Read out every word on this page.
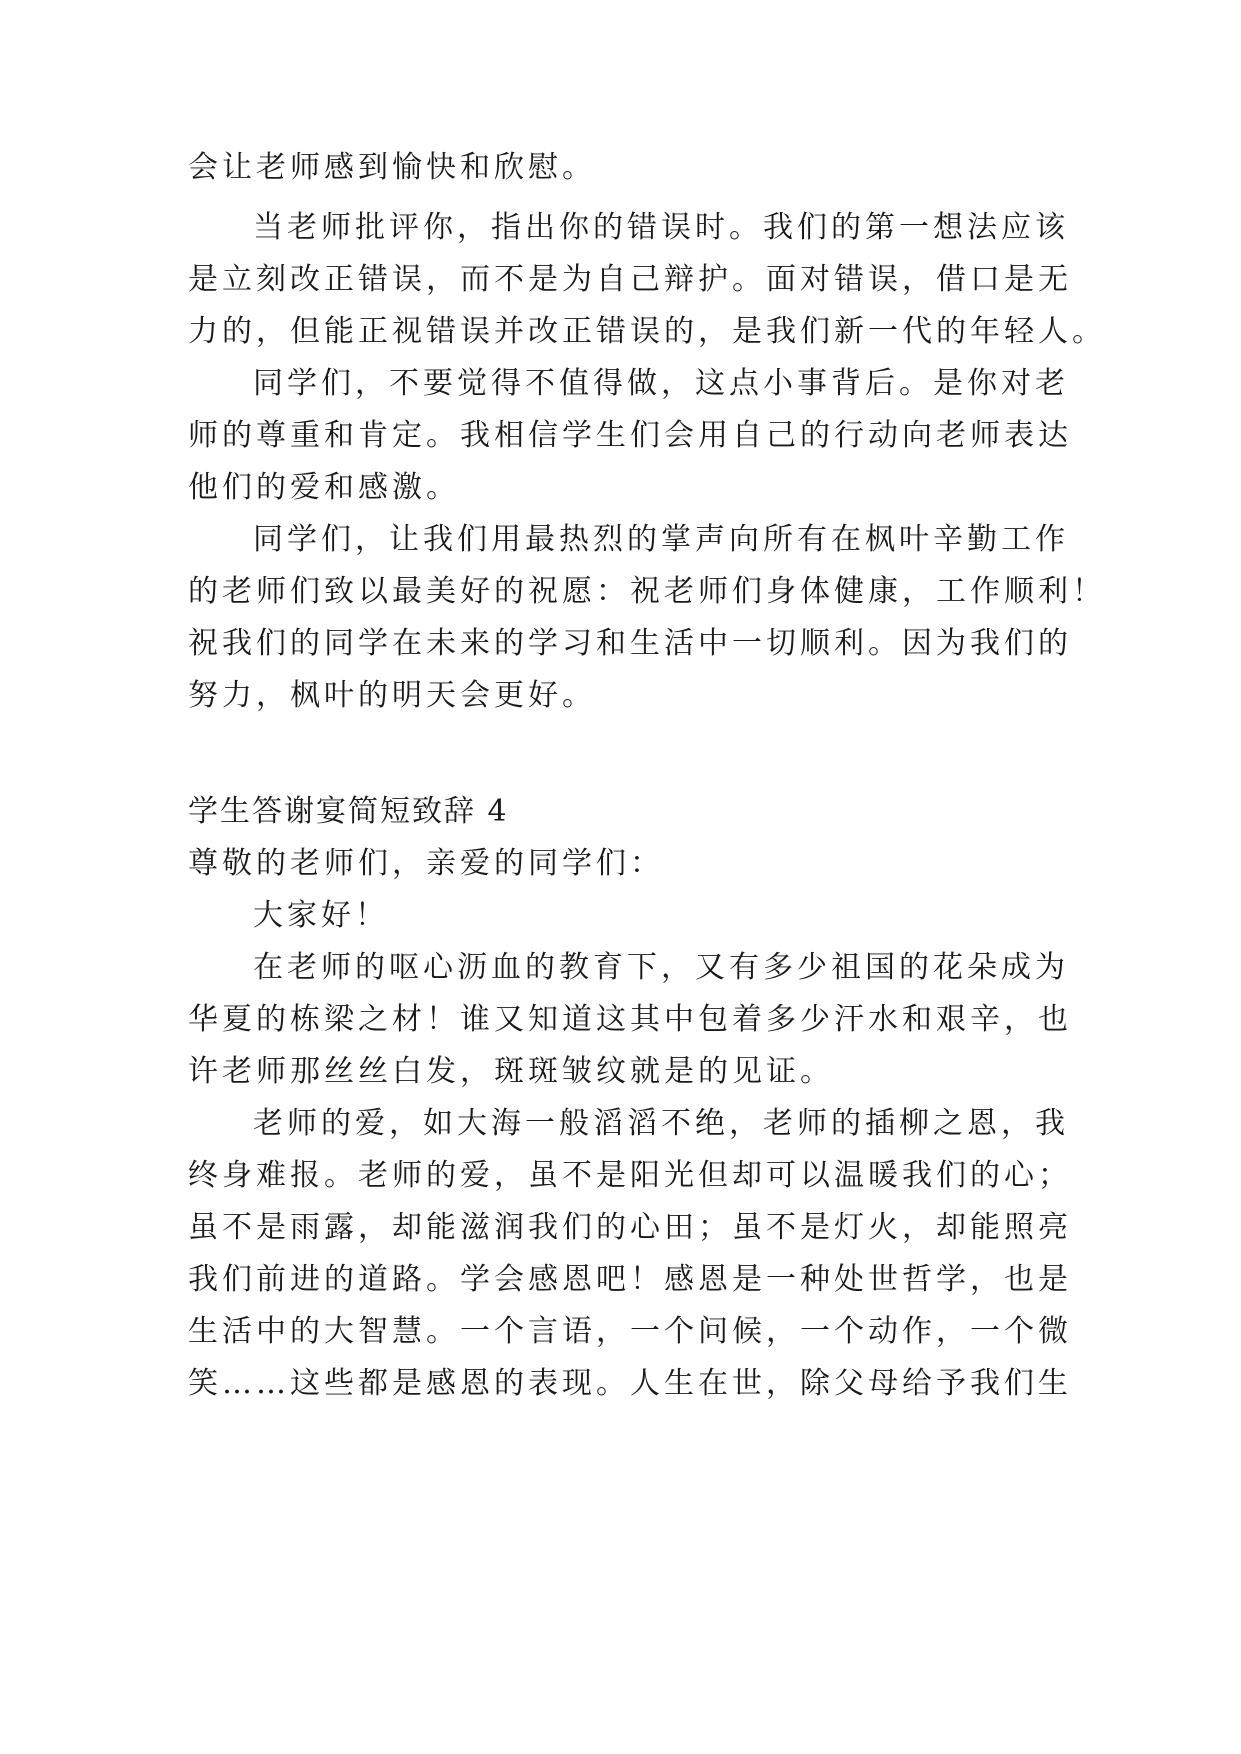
会让老师感到愉快和欣慰。
当老师批评你，指出你的错误时。我们的第一想法应该
是立刻改正错误，而不是为自己辩护。面对错误，借口是无
力的，但能正视错误并改正错误的，是我们新一代的年轻人。
同学们，不要觉得不值得做，这点小事背后。是你对老
师的尊重和肯定。我相信学生们会用自己的行动向老师表达
他们的爱和感激。
同学们，让我们用最热烈的掌声向所有在枫叶辛勤工作
的老师们致以最美好的祝愿：祝老师们身体健康，工作顺利！
祝我们的同学在未来的学习和生活中一切顺利。因为我们的
努力，枫叶的明天会更好。
学生答谢宴简短致辞 4
尊敬的老师们，亲爱的同学们：
大家好！
在老师的呕心沥血的教育下，又有多少祖国的花朵成为
华夏的栋梁之材！谁又知道这其中包着多少汗水和艰辛，也
许老师那丝丝白发，斑斑皱纹就是的见证。
老师的爱，如大海一般滔滔不绝，老师的插柳之恩，我
终身难报。老师的爱，虽不是阳光但却可以温暖我们的心；
虽不是雨露，却能滋润我们的心田；虽不是灯火，却能照亮
我们前进的道路。学会感恩吧！感恩是一种处世哲学，也是
生活中的大智慧。一个言语，一个问候，一个动作，一个微
笑……这些都是感恩的表现。人生在世，除父母给予我们生
